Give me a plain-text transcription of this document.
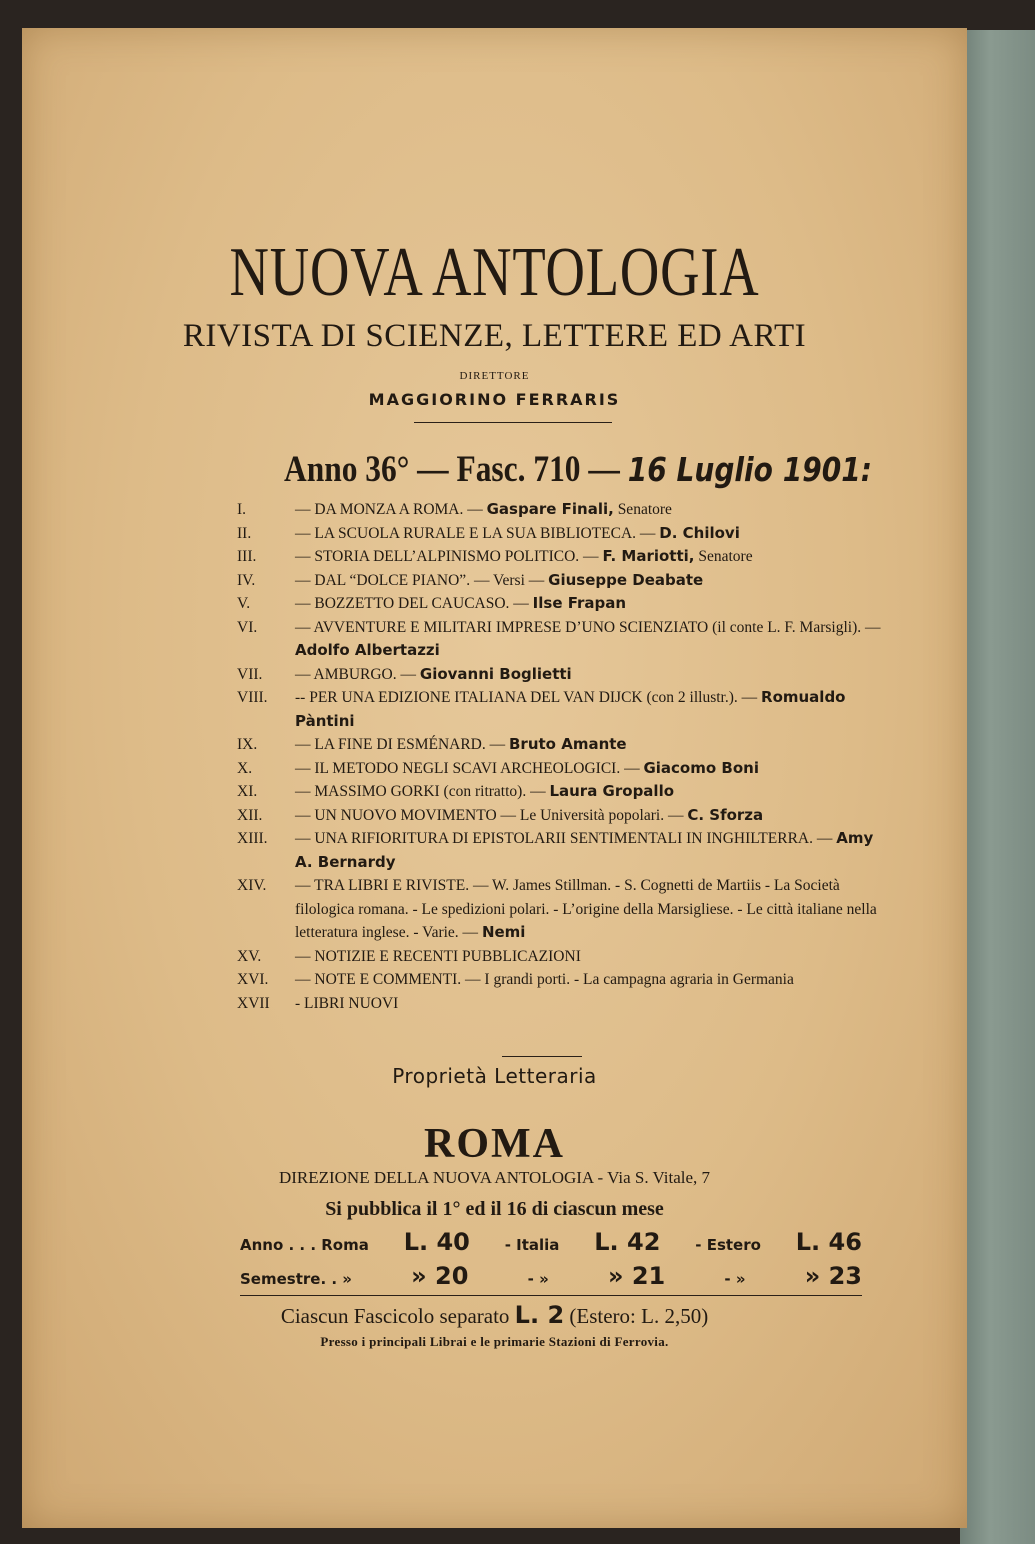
NUOVA ANTOLOGIA
RIVISTA DI SCIENZE, LETTERE ED ARTI
DIRETTORE
MAGGIORINO FERRARIS
Anno 36° — Fasc. 710 — 16 Luglio 1901:
I.	— DA MONZA A ROMA. — Gaspare Finali, Senatore
II.	— LA SCUOLA RURALE E LA SUA BIBLIOTECA. — D. Chilovi
III.	— STORIA DELL’ALPINISMO POLITICO. — F. Mariotti, Senatore
IV.	— DAL “DOLCE PIANO”. — Versi — Giuseppe Deabate
V.	— BOZZETTO DEL CAUCASO. — Ilse Frapan
VI.	— AVVENTURE E MILITARI IMPRESE D’UNO SCIENZIATO (il conte L. F. Marsigli). — Adolfo Albertazzi
VII.	— AMBURGO. — Giovanni Boglietti
VIII.	-- PER UNA EDIZIONE ITALIANA DEL VAN DIJCK (con 2 illustr.). — Romualdo Pàntini
IX.	— LA FINE DI ESMÉNARD. — Bruto Amante
X.	— IL METODO NEGLI SCAVI ARCHEOLOGICI. — Giacomo Boni
XI.	— MASSIMO GORKI (con ritratto). — Laura Gropallo
XII.	— UN NUOVO MOVIMENTO — Le Università popolari. — C. Sforza
XIII.	— UNA RIFIORITURA DI EPISTOLARII SENTIMENTALI IN INGHILTERRA. — Amy A. Bernardy
XIV.	— TRA LIBRI E RIVISTE. — W. James Stillman. - S. Cognetti de Martiis - La Società filologica romana. - Le spedizioni polari. - L’origine della Marsigliese. - Le città italiane nella letteratura inglese. - Varie. — Nemi
XV.	— NOTIZIE E RECENTI PUBBLICAZIONI
XVI.	— NOTE E COMMENTI. — I grandi porti. - La campagna agraria in Germania
XVII	- LIBRI NUOVI
Proprietà Letteraria
ROMA
DIREZIONE DELLA NUOVA ANTOLOGIA - Via S. Vitale, 7
Si pubblica il 1° ed il 16 di ciascun mese
Anno . . . Roma L. 40 - Italia L. 42 - Estero L. 46
Semestre. . » » 20	- » » 21	- » » 23
Ciascun Fascicolo separato L. 2 (Estero: L. 2,50)
Presso i principali Librai e le primarie Stazioni di Ferrovia.
